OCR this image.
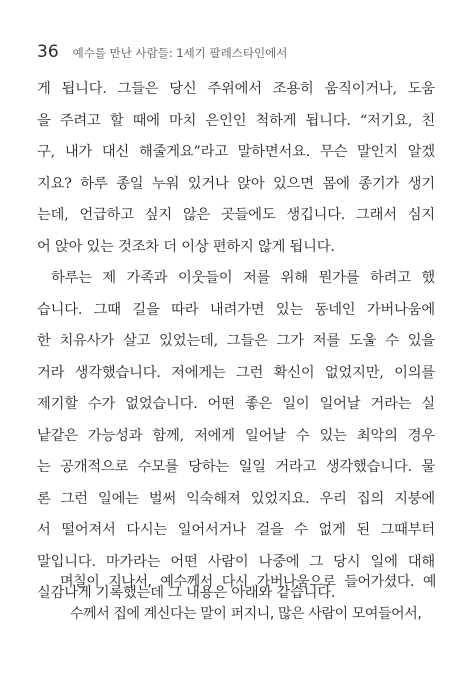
36 예수를 만난 사람들: 1세기 팔레스타인에서
게 됩니다. 그들은 당신 주위에서 조용히 움직이거나, 도움
을 주려고 할 때에 마치 은인인 척하게 됩니다. “저기요, 친
구, 내가 대신 해줄게요”라고 말하면서요. 무슨 말인지 알겠
지요? 하루 종일 누워 있거나 앉아 있으면 몸에 종기가 생기
는데, 언급하고 싶지 않은 곳들에도 생깁니다. 그래서 심지
어 앉아 있는 것조차 더 이상 편하지 않게 됩니다.
하루는 제 가족과 이웃들이 저를 위해 뭔가를 하려고 했
습니다. 그때 길을 따라 내려가면 있는 동네인 가버나움에
한 치유사가 살고 있었는데, 그들은 그가 저를 도울 수 있을
거라 생각했습니다. 저에게는 그런 확신이 없었지만, 이의를
제기할 수가 없었습니다. 어떤 좋은 일이 일어날 거라는 실
낱같은 가능성과 함께, 저에게 일어날 수 있는 최악의 경우
는 공개적으로 수모를 당하는 일일 거라고 생각했습니다. 물
론 그런 일에는 벌써 익숙해져 있었지요. 우리 집의 지붕에
서 떨어져서 다시는 일어서거나 걸을 수 없게 된 그때부터
말입니다. 마가라는 어떤 사람이 나중에 그 당시 일에 대해
실감나게 기록했는데 그 내용은 아래와 같습니다.
며칠이 지나서, 예수께서 다시 가버나움으로 들어가셨다. 예
수께서 집에 계신다는 말이 퍼지니, 많은 사람이 모여들어서,
